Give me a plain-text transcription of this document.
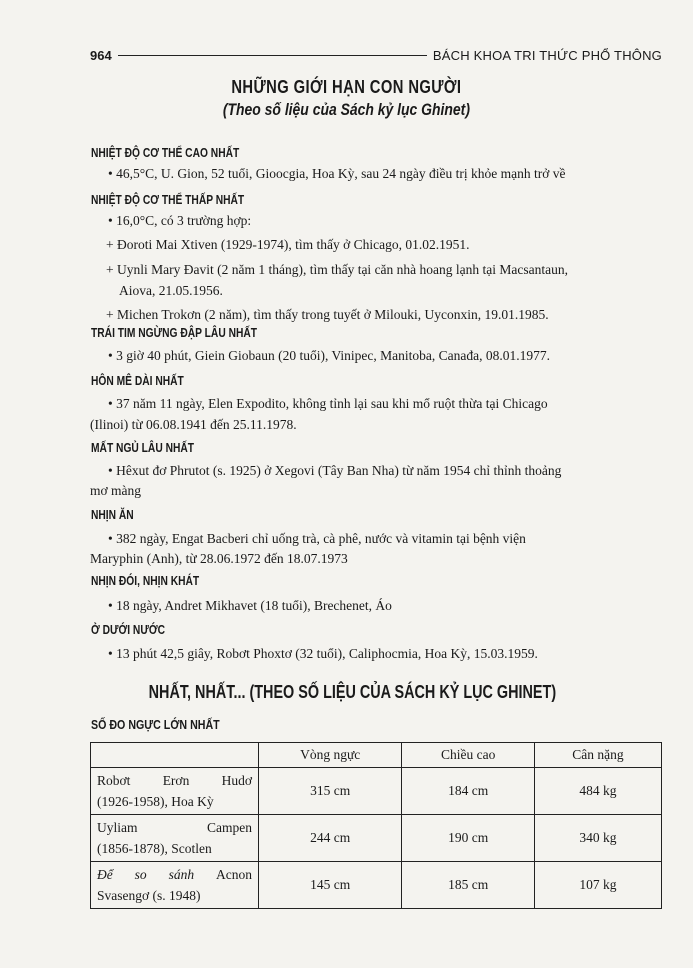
964	BÁCH KHOA TRI THỨC PHỔ THÔNG
NHỮNG GIỚI HẠN CON NGƯỜI
(Theo số liệu của Sách kỷ lục Ghinet)
NHIỆT ĐỘ CƠ THỂ CAO NHẤT
• 46,5°C, U. Gion, 52 tuổi, Gioocgia, Hoa Kỳ, sau 24 ngày điều trị khỏe mạnh trở về
NHIỆT ĐỘ CƠ THỂ THẤP NHẤT
• 16,0°C, có 3 trường hợp:
+ Đoroti Mai Xtiven (1929-1974), tìm thấy ở Chicago, 01.02.1951.
+ Uynli Mary Đavit (2 năm 1 tháng), tìm thấy tại căn nhà hoang lạnh tại Macsantaun,
Aiova, 21.05.1956.
+ Michen Trokơn (2 năm), tìm thấy trong tuyết ở Milouki, Uyconxin, 19.01.1985.
TRÁI TIM NGỪNG ĐẬP LÂU NHẤT
• 3 giờ 40 phút, Giein Giobaun (20 tuổi), Vinipec, Manitoba, Canađa, 08.01.1977.
HÔN MÊ DÀI NHẤT
• 37 năm 11 ngày, Elen Expodito, không tỉnh lại sau khi mổ ruột thừa tại Chicago
(Ilinoi) từ 06.08.1941 đến 25.11.1978.
MẤT NGỦ LÂU NHẤT
• Hêxut đơ Phrutot (s. 1925) ở Xegovi (Tây Ban Nha) từ năm 1954 chỉ thỉnh thoảng
mơ màng
NHỊN ĂN
• 382 ngày, Engat Bacberi chỉ uống trà, cà phê, nước và vitamin tại bệnh viện
Maryphin (Anh), từ 28.06.1972 đến 18.07.1973
NHỊN ĐÓI, NHỊN KHÁT
• 18 ngày, Andret Mikhavet (18 tuổi), Brechenet, Áo
Ở DƯỚI NƯỚC
• 13 phút 42,5 giây, Robơt Phoxtơ (32 tuổi), Caliphocmia, Hoa Kỳ, 15.03.1959.
NHẤT, NHẤT... (THEO SỐ LIỆU CỦA SÁCH KỶ LỤC GHINET)
SỐ ĐO NGỰC LỚN NHẤT
	Vòng ngực	Chiều cao	Cân nặng

Robơt Erơn Hudơ
(1926-1958), Hoa Kỳ	315 cm	184 cm	484 kg

Uyliam Campen
(1856-1878), Scotlen	244 cm	190 cm	340 kg

Để so sánh Acnon
Svasengơ (s. 1948)	145 cm	185 cm	107 kg
